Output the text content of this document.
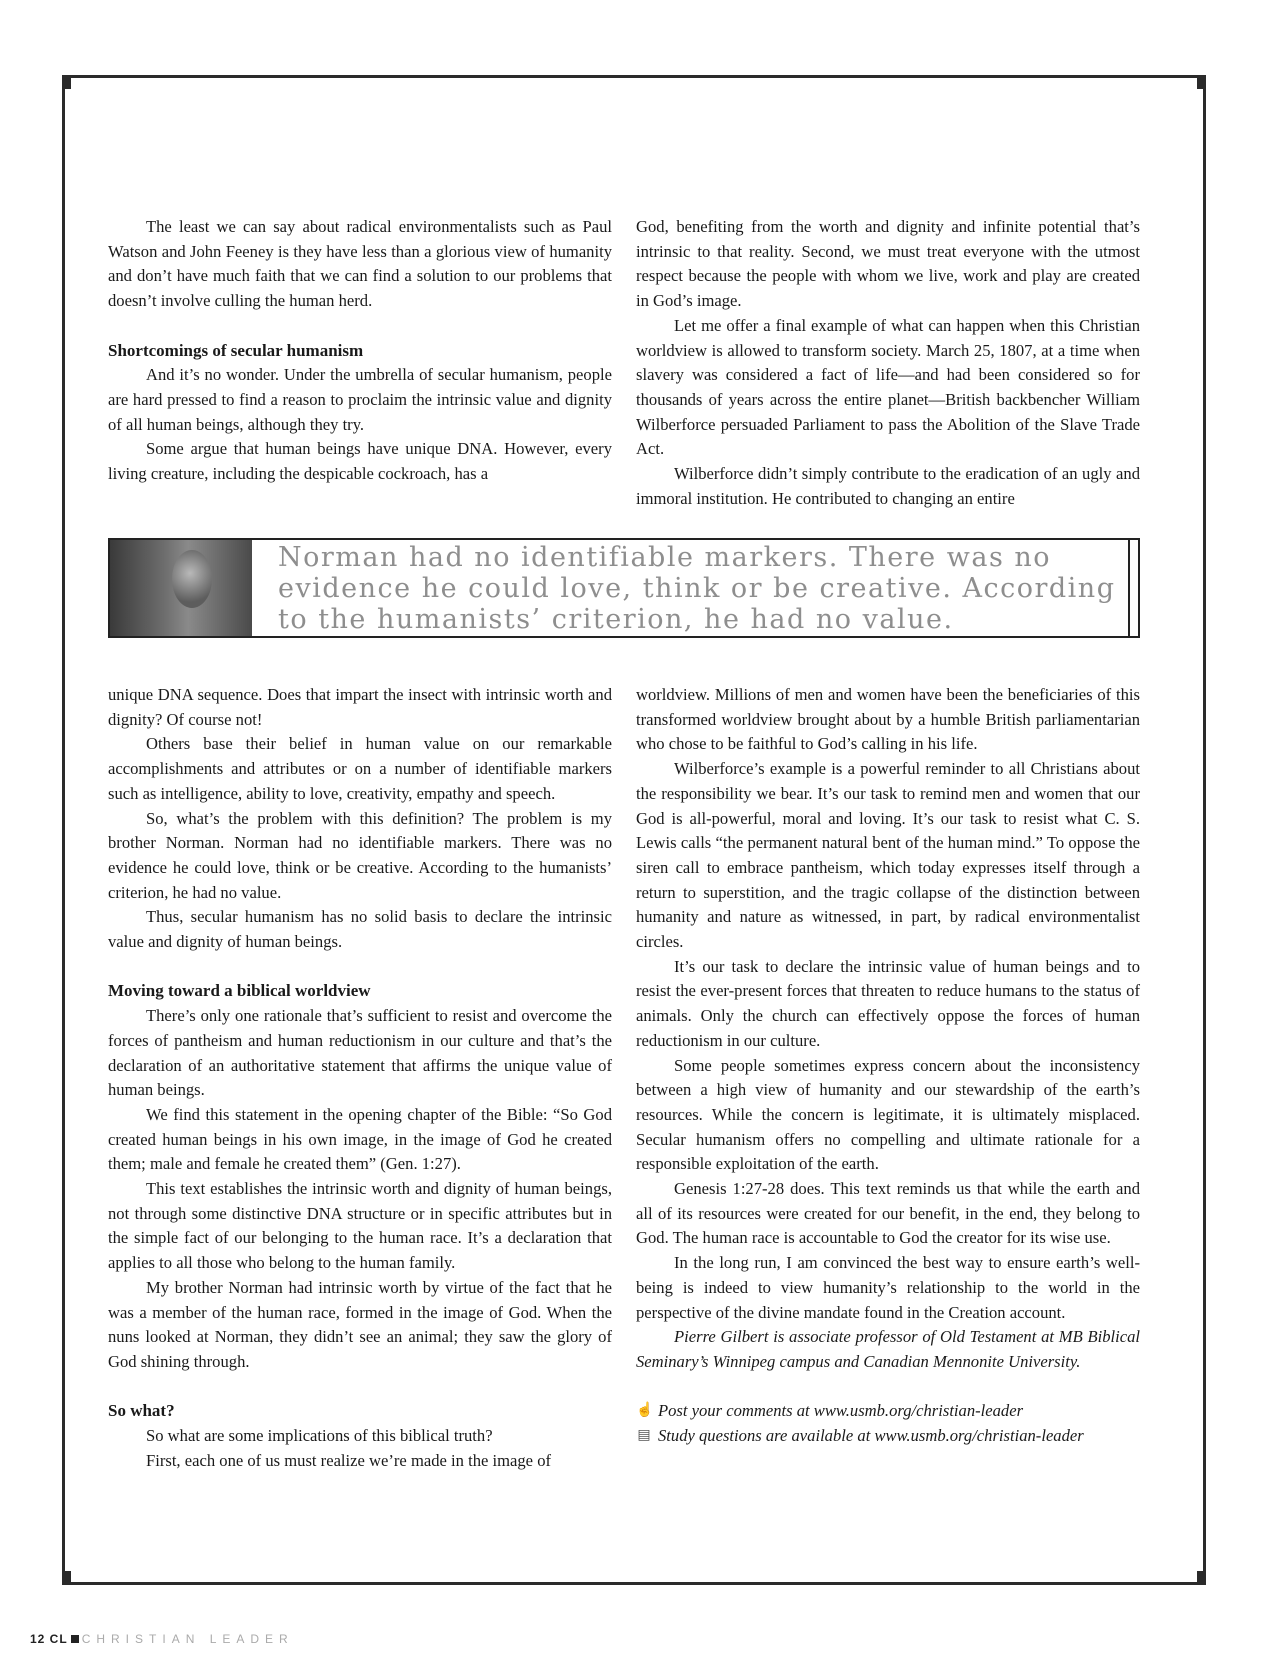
The least we can say about radical environmentalists such as Paul Watson and John Feeney is they have less than a glorious view of humanity and don’t have much faith that we can find a solution to our problems that doesn’t involve culling the human herd.

Shortcomings of secular humanism

And it’s no wonder. Under the umbrella of secular humanism, people are hard pressed to find a reason to proclaim the intrinsic value and dignity of all human beings, although they try.

Some argue that human beings have unique DNA. However, every living creature, including the despicable cockroach, has a

God, benefiting from the worth and dignity and infinite potential that’s intrinsic to that reality. Second, we must treat everyone with the utmost respect because the people with whom we live, work and play are created in God’s image.

Let me offer a final example of what can happen when this Christian worldview is allowed to transform society. March 25, 1807, at a time when slavery was considered a fact of life—and had been considered so for thousands of years across the entire planet—British backbencher William Wilberforce persuaded Parliament to pass the Abolition of the Slave Trade Act.

Wilberforce didn’t simply contribute to the eradication of an ugly and immoral institution. He contributed to changing an entire

Norman had no identifiable markers. There was no evidence he could love, think or be creative. According to the humanists’ criterion, he had no value.

unique DNA sequence. Does that impart the insect with intrinsic worth and dignity? Of course not!

Others base their belief in human value on our remarkable accomplishments and attributes or on a number of identifiable markers such as intelligence, ability to love, creativity, empathy and speech.

So, what’s the problem with this definition? The problem is my brother Norman. Norman had no identifiable markers. There was no evidence he could love, think or be creative. According to the humanists’ criterion, he had no value.

Thus, secular humanism has no solid basis to declare the intrinsic value and dignity of human beings.

Moving toward a biblical worldview

There’s only one rationale that’s sufficient to resist and overcome the forces of pantheism and human reductionism in our culture and that’s the declaration of an authoritative statement that affirms the unique value of human beings.

We find this statement in the opening chapter of the Bible: “So God created human beings in his own image, in the image of God he created them; male and female he created them” (Gen. 1:27).

This text establishes the intrinsic worth and dignity of human beings, not through some distinctive DNA structure or in specific attributes but in the simple fact of our belonging to the human race. It’s a declaration that applies to all those who belong to the human family.

My brother Norman had intrinsic worth by virtue of the fact that he was a member of the human race, formed in the image of God. When the nuns looked at Norman, they didn’t see an animal; they saw the glory of God shining through.

So what?

So what are some implications of this biblical truth?

First, each one of us must realize we’re made in the image of

worldview. Millions of men and women have been the beneficiaries of this transformed worldview brought about by a humble British parliamentarian who chose to be faithful to God’s calling in his life.

Wilberforce’s example is a powerful reminder to all Christians about the responsibility we bear. It’s our task to remind men and women that our God is all-powerful, moral and loving. It’s our task to resist what C. S. Lewis calls “the permanent natural bent of the human mind.” To oppose the siren call to embrace pantheism, which today expresses itself through a return to superstition, and the tragic collapse of the distinction between humanity and nature as witnessed, in part, by radical environmentalist circles.

It’s our task to declare the intrinsic value of human beings and to resist the ever-present forces that threaten to reduce humans to the status of animals. Only the church can effectively oppose the forces of human reductionism in our culture.

Some people sometimes express concern about the inconsistency between a high view of humanity and our stewardship of the earth’s resources. While the concern is legitimate, it is ultimately misplaced. Secular humanism offers no compelling and ultimate rationale for a responsible exploitation of the earth.

Genesis 1:27-28 does. This text reminds us that while the earth and all of its resources were created for our benefit, in the end, they belong to God. The human race is accountable to God the creator for its wise use.

In the long run, I am convinced the best way to ensure earth’s well-being is indeed to view humanity’s relationship to the world in the perspective of the divine mandate found in the Creation account.

Pierre Gilbert is associate professor of Old Testament at MB Biblical Seminary’s Winnipeg campus and Canadian Mennonite University.

☝ Post your comments at www.usmb.org/christian-leader

▤ Study questions are available at www.usmb.org/christian-leader

12 CL CHRISTIAN LEADER
